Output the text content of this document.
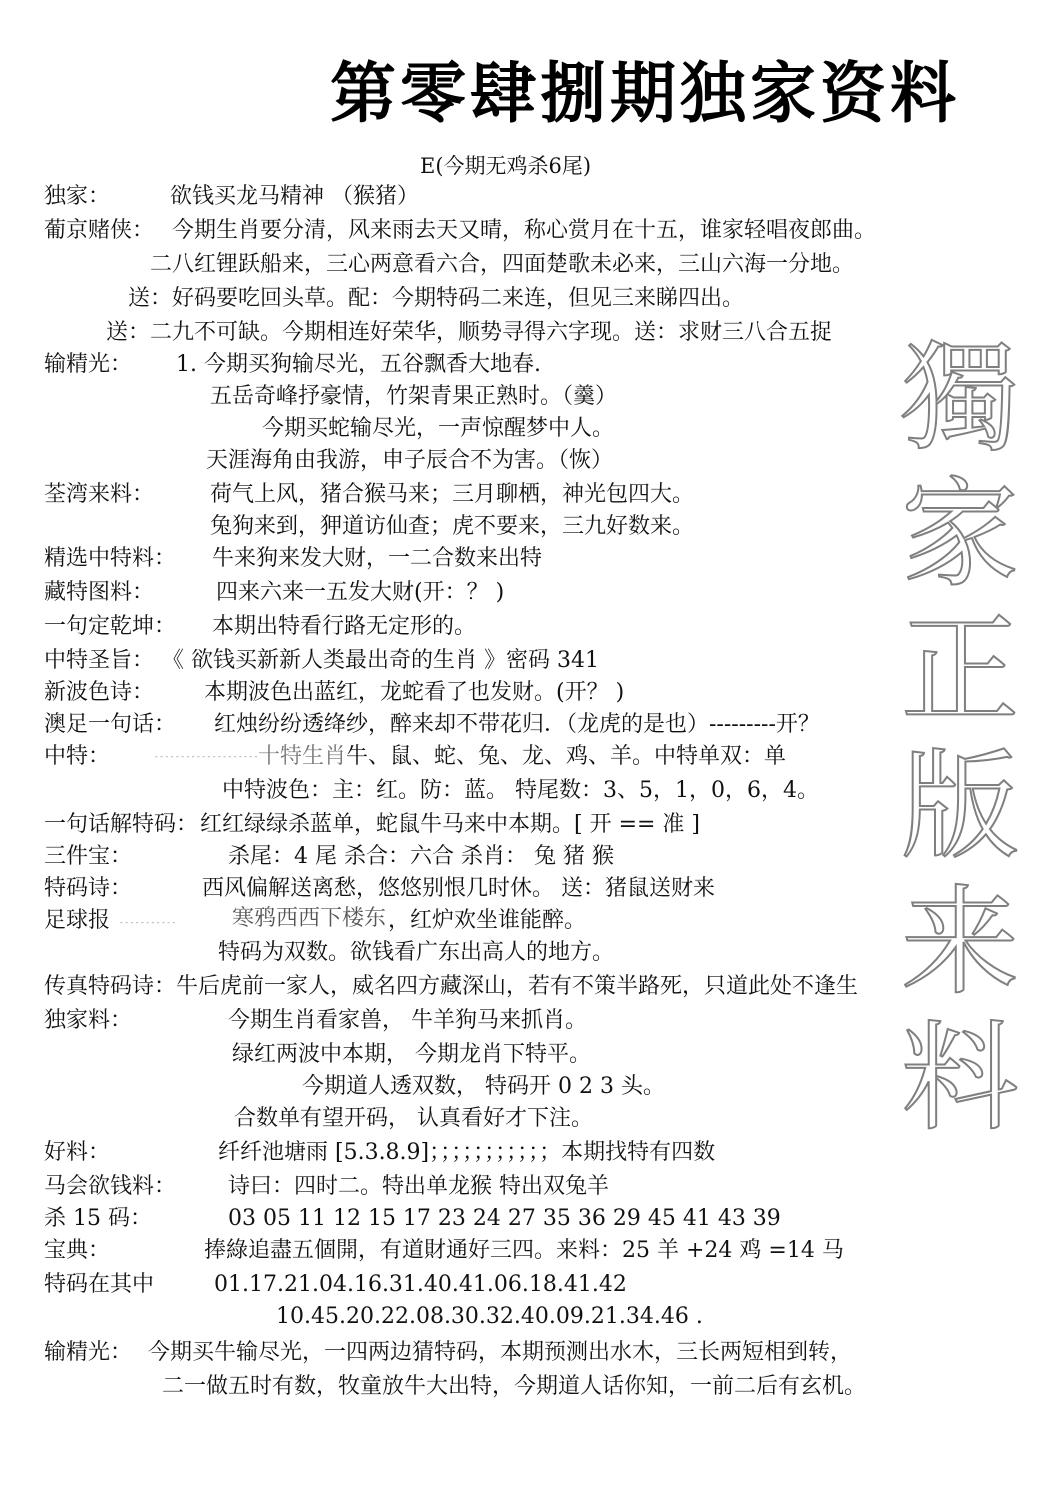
第零肆捌期独家资料
E(今期无鸡杀6尾)
獨
家
正
版
来
料
独家：	欲钱买龙马精神 （猴猪）
葡京赌侠： 今期生肖要分清，风来雨去天又晴，称心赏月在十五，谁家轻唱夜郎曲。
二八红锂跃船来，三心两意看六合，四面楚歌未必来，三山六海一分地。
送：好码要吃回头草。配：今期特码二来连，但见三来睇四出。
送：二九不可缺。今期相连好荣华，顺势寻得六字现。送：求财三八合五捉
输精光： 1. 今期买狗输尽光，五谷飘香大地春.
五岳奇峰抒豪情，竹架青果正熟时。（羹）
今期买蛇输尽光，一声惊醒梦中人。
天涯海角由我游，申子辰合不为害。（恢）
荃湾来料：	荷气上风，猪合猴马来；三月聊栖，神光包四大。
兔狗来到，狎道访仙查；虎不要来，三九好数来。
精选中特料： 牛来狗来发大财，一二合数来出特
藏特图料：	四来六来一五发大财(开：？ )
一句定乾坤： 本期出特看行路无定形的。
中特圣旨： 《 欲钱买新新人类最出奇的生肖 》密码 341
新波色诗： 本期波色出蓝红，龙蛇看了也发财。(开？ )
澳足一句话： 红烛纷纷透绛纱，醉来却不带花归．（龙虎的是也）---------开？
中特：	- - - - - - - - - - - - - - - - - - - - 十特生肖 牛、鼠、蛇、兔、龙、鸡、羊。中特单双：单
中特波色：主：红。防：蓝。 特尾数：3、5，1，0，6，4。
一句话解特码： 红红绿绿杀蓝单，蛇鼠牛马来中本期。[ 开 == 准 ]
三件宝：	杀尾：4 尾 杀合：六合 杀肖： 兔 猪 猴
特码诗：	西风偏解送离愁，悠悠别恨几时休。 送：猪鼠送财来
足球报 - - - - - - - - - - -	寒鸦西西下楼东 ，红炉欢坐谁能醉。
特码为双数。欲钱看广东出高人的地方。
传真特码诗： 牛后虎前一家人，威名四方藏深山，若有不策半路死，只道此处不逢生
独家料：	今期生肖看家兽， 牛羊狗马来抓肖。
绿红两波中本期， 今期龙肖下特平。
今期道人透双数， 特码开 0 2 3 头。
合数单有望开码， 认真看好才下注。
好料：	纤纤池塘雨 [5.3.8.9]；；；；；；；；；；；本期找特有四数
马会欲钱料： 诗曰：四时二。特出单龙猴 特出双兔羊
杀 15 码：	03 05 11 12 15 17 23 24 27 35 36 29 45 41 43 39
宝典：	捧綠追盡五個開，有道財通好三四。来料：25 羊 +24 鸡 =14 马
特码在其中	01.17.21.04.16.31.40.41.06.18.41.42
10.45.20.22.08.30.32.40.09.21.34.46 .
输精光： 今期买牛输尽光，一四两边猜特码，本期预测出水木，三长两短相到转，
二一做五时有数，牧童放牛大出特，今期道人话你知，一前二后有玄机。
